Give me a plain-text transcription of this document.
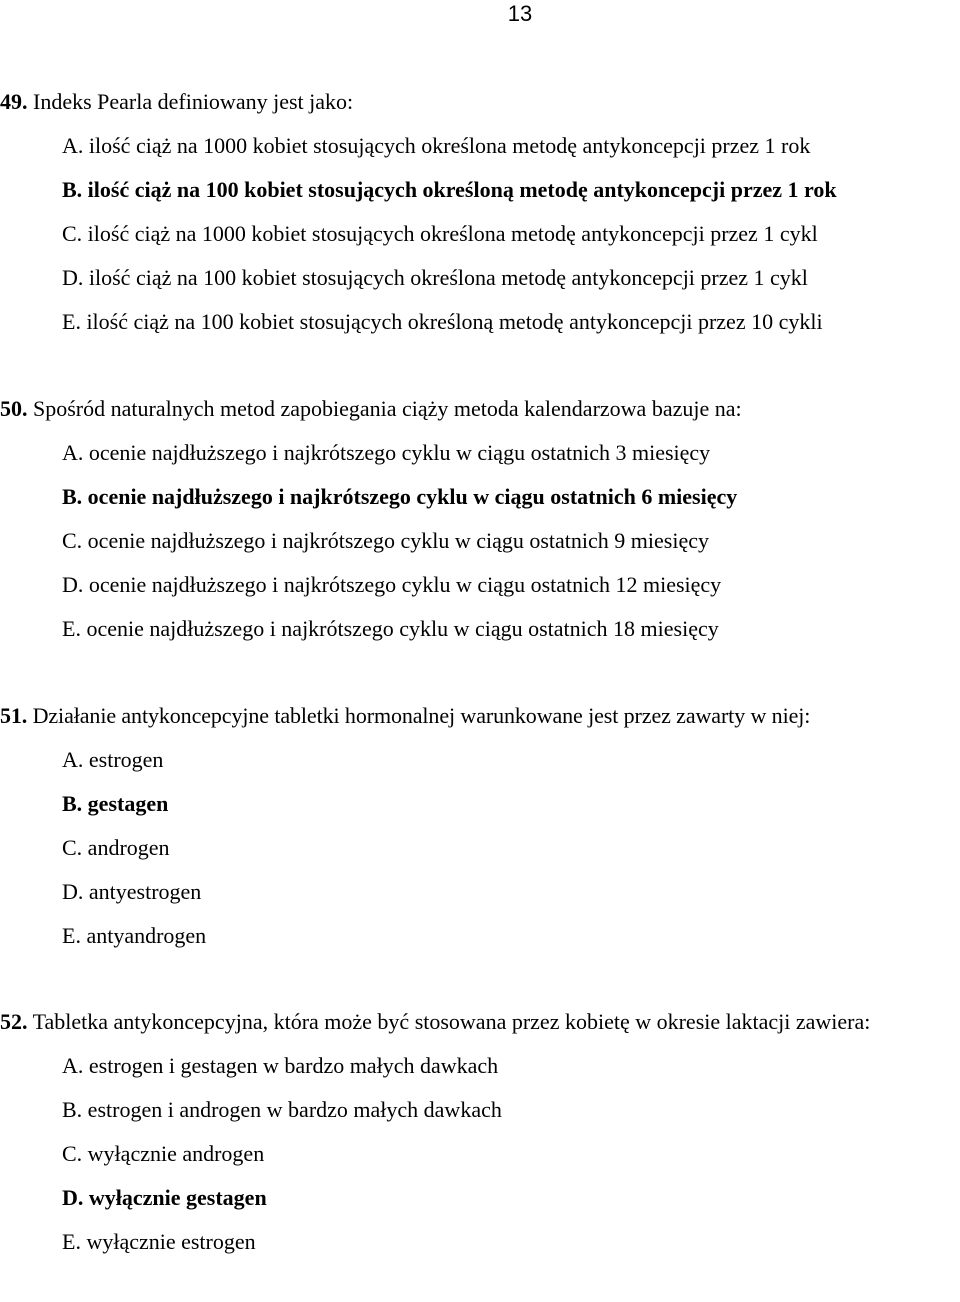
13
49. Indeks Pearla definiowany jest jako:
A. ilość ciąż na 1000 kobiet stosujących określona metodę antykoncepcji przez 1 rok
B. ilość ciąż na 100 kobiet stosujących określoną metodę antykoncepcji przez 1 rok
C. ilość ciąż na 1000 kobiet stosujących określona metodę antykoncepcji przez 1 cykl
D. ilość ciąż na 100 kobiet stosujących określona metodę antykoncepcji przez 1 cykl
E. ilość ciąż na 100 kobiet stosujących określoną metodę antykoncepcji przez 10 cykli
50. Spośród naturalnych metod zapobiegania ciąży metoda kalendarzowa bazuje na:
A. ocenie najdłuższego i najkrótszego cyklu w ciągu ostatnich 3 miesięcy
B. ocenie najdłuższego i najkrótszego cyklu w ciągu ostatnich 6 miesięcy
C. ocenie najdłuższego i najkrótszego cyklu w ciągu ostatnich 9 miesięcy
D. ocenie najdłuższego i najkrótszego cyklu w ciągu ostatnich 12 miesięcy
E. ocenie najdłuższego i najkrótszego cyklu w ciągu ostatnich 18 miesięcy
51. Działanie antykoncepcyjne tabletki hormonalnej warunkowane jest przez zawarty w niej:
A. estrogen
B. gestagen
C. androgen
D. antyestrogen
E. antyandrogen
52. Tabletka antykoncepcyjna, która może być stosowana przez kobietę w okresie laktacji zawiera:
A. estrogen i gestagen w bardzo małych dawkach
B. estrogen i androgen w bardzo małych dawkach
C. wyłącznie androgen
D. wyłącznie gestagen
E. wyłącznie estrogen
